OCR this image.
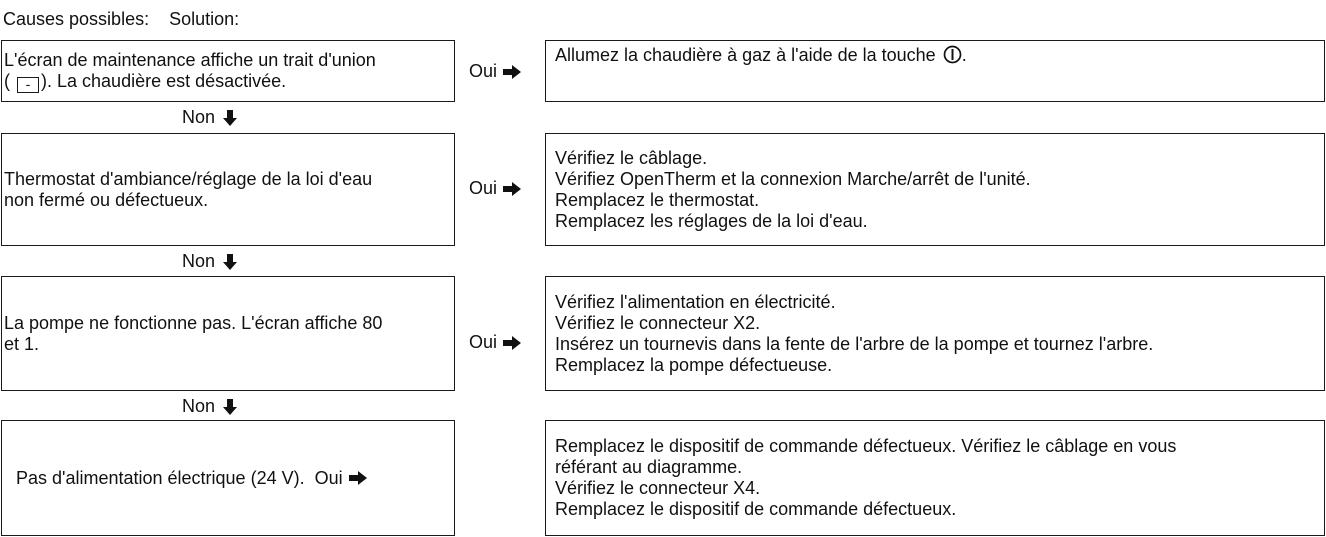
Causes possibles: Solution:
L'écran de maintenance affiche un trait d'union
( - ). La chaudière est désactivée.	Oui
Allumez la chaudière à gaz à l'aide de la touche .
Non
Thermostat d'ambiance/réglage de la loi d'eau
non fermé ou défectueux.
Oui
Vérifiez le câblage.
Vérifiez OpenTherm et la connexion Marche/arrêt de l'unité.
Remplacez le thermostat.
Remplacez les réglages de la loi d'eau.
Non
La pompe ne fonctionne pas. L'écran affiche 80
et 1.	Oui
Vérifiez l'alimentation en électricité.
Vérifiez le connecteur X2.
Insérez un tournevis dans la fente de l'arbre de la pompe et tournez l'arbre.
Remplacez la pompe défectueuse.
Non
Pas d'alimentation électrique (24 V). Oui
Remplacez le dispositif de commande défectueux. Vérifiez le câblage en vous
référant au diagramme.
Vérifiez le connecteur X4.
Remplacez le dispositif de commande défectueux.
